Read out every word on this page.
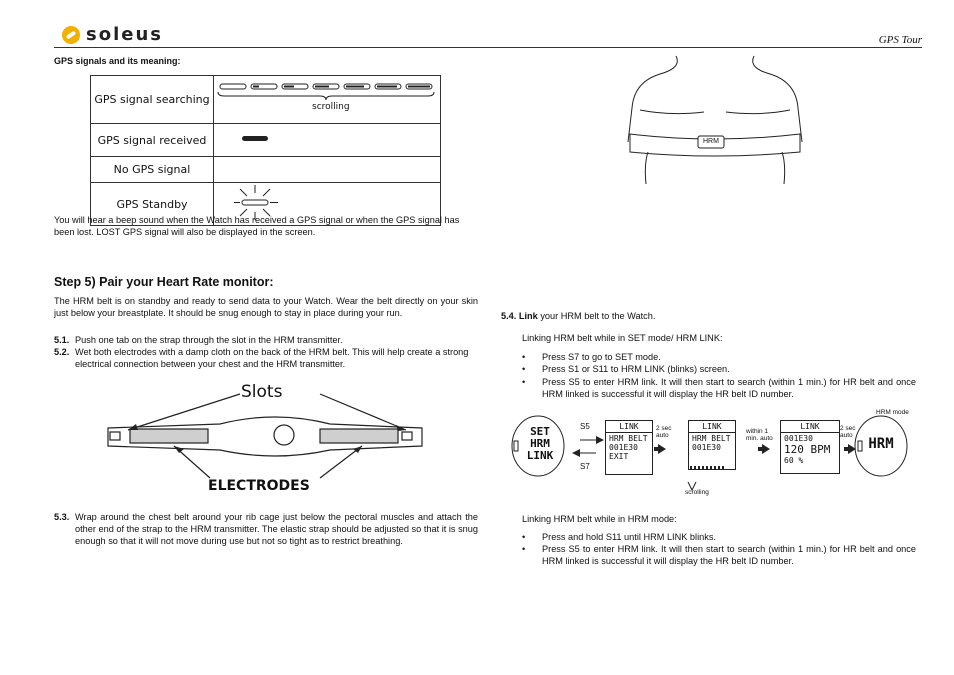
soleus	GPS Tour
GPS signals and its meaning:
GPS signal searching	scrolling

GPS signal received	
No GPS signal	
GPS Standby	
You will hear a beep sound when the Watch has received a GPS signal or when the GPS signal has been lost. LOST GPS signal will also be displayed in the screen.
Step 5) Pair your Heart Rate monitor:
The HRM belt is on standby and ready to send data to your Watch. Wear the belt directly on your skin just below your breastplate. It should be snug enough to stay in place during your run.
5.1. Push one tab on the strap through the slot in the HRM transmitter.
5.2. Wet both electrodes with a damp cloth on the back of the HRM belt. This will help create a strong electrical connection between your chest and the HRM transmitter.
Slots
ELECTRODES
5.3. Wrap around the chest belt around your rib cage just below the pectoral muscles and attach the other end of the strap to the HRM transmitter. The elastic strap should be adjusted so that it is snug enough so that it will not move during use but not so tight as to restrict breathing.
HRM
5.4. Link your HRM belt to the Watch.
Linking HRM belt while in SET mode/ HRM LINK:
• Press S7 to go to SET mode.
• Press S1 or S11 to HRM LINK (blinks) screen.
• Press S5 to enter HRM link. It will then start to search (within 1 min.) for HR belt and once HRM linked is successful it will display the HR belt ID number.
SET
HRM
LINK
S5
S7
LINK
HRM BELT
001E30
EXIT
2 sec auto
LINK
HRM BELT
001E30
scrolling
within 1 min. auto
LINK
001E30
120 BPM
60 %
2 sec auto
HRM mode
HRM
Linking HRM belt while in HRM mode:
• Press and hold S11 until HRM LINK blinks.
• Press S5 to enter HRM link. It will then start to search (within 1 min.) for HR belt and once HRM linked is successful it will display the HR belt ID number.
